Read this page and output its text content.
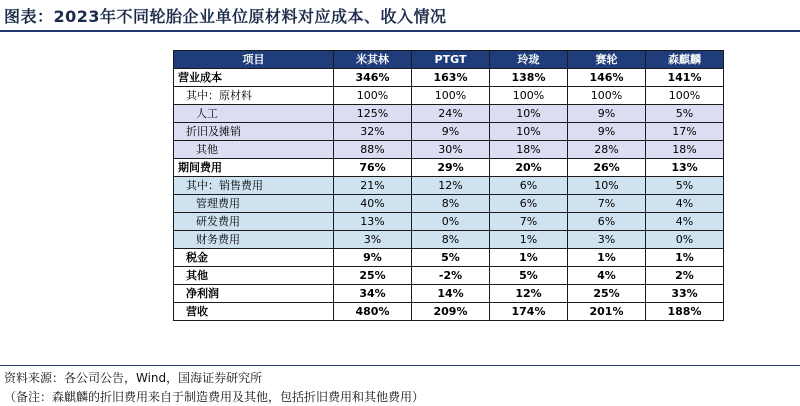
图表：2023年不同轮胎企业单位原材料对应成本、收入情况
项目	米其林	PTGT	玲珑	赛轮	森麒麟
营业成本	346%	163%	138%	146%	141%
其中：原材料	100%	100%	100%	100%	100%
人工	125%	24%	10%	9%	5%
折旧及摊销	32%	9%	10%	9%	17%
其他	88%	30%	18%	28%	18%
期间费用	76%	29%	20%	26%	13%
其中：销售费用	21%	12%	6%	10%	5%
管理费用	40%	8%	6%	7%	4%
研发费用	13%	0%	7%	6%	4%
财务费用	3%	8%	1%	3%	0%
税金	9%	5%	1%	1%	1%
其他	25%	-2%	5%	4%	2%
净利润	34%	14%	12%	25%	33%
营收	480%	209%	174%	201%	188%
资料来源：各公司公告，Wind，国海证券研究所
（备注：森麒麟的折旧费用来自于制造费用及其他，包括折旧费用和其他费用）
